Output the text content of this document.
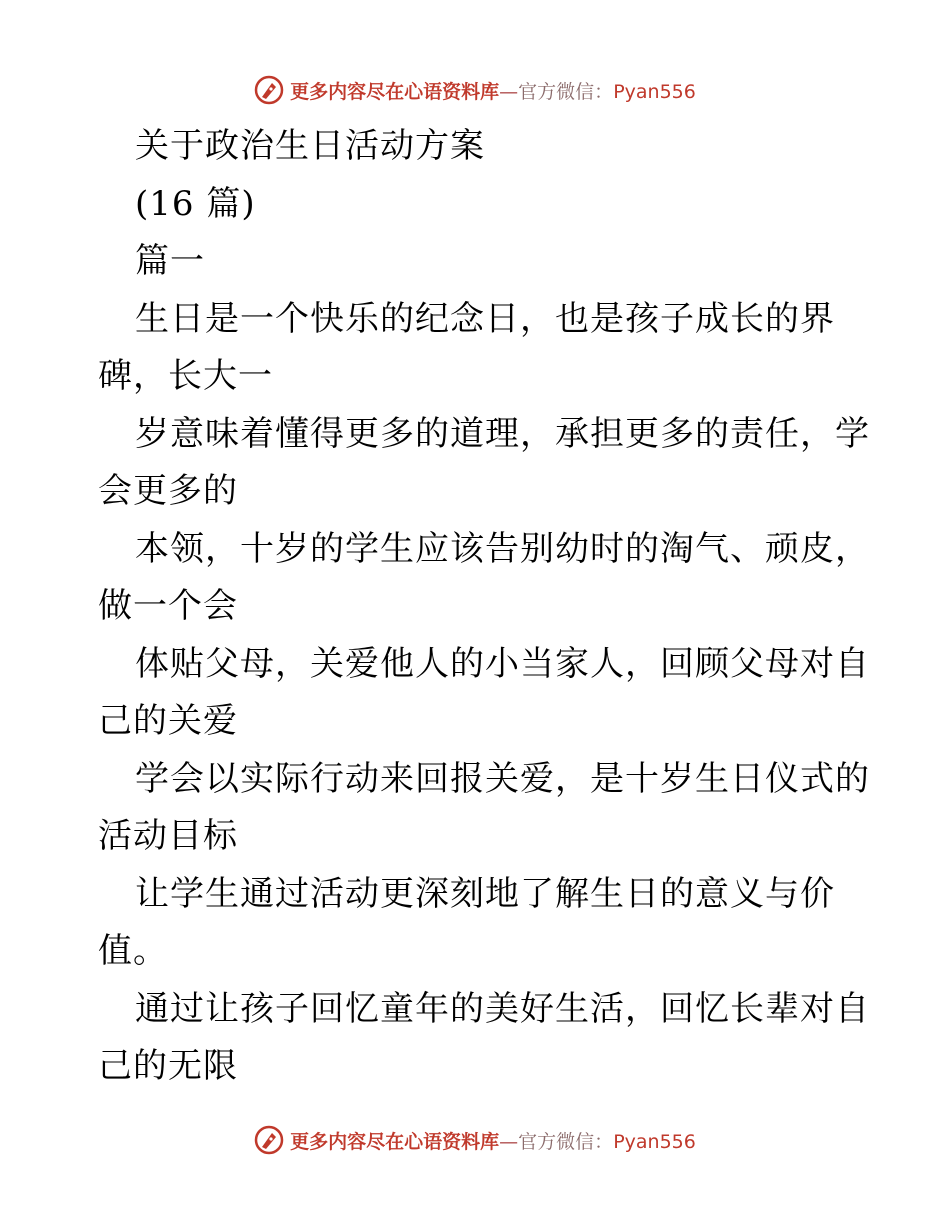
更多内容尽在心语资料库—官方微信：Pyan556
关于政治生日活动方案
(16 篇)
篇一
生日是一个快乐的纪念日，也是孩子成长的界
碑，长大一
岁意味着懂得更多的道理，承担更多的责任，学
会更多的
本领，十岁的学生应该告别幼时的淘气、顽皮，
做一个会
体贴父母，关爱他人的小当家人，回顾父母对自
己的关爱
学会以实际行动来回报关爱，是十岁生日仪式的
活动目标
让学生通过活动更深刻地了解生日的意义与价
值。
通过让孩子回忆童年的美好生活，回忆长辈对自
己的无限
更多内容尽在心语资料库—官方微信：Pyan556
